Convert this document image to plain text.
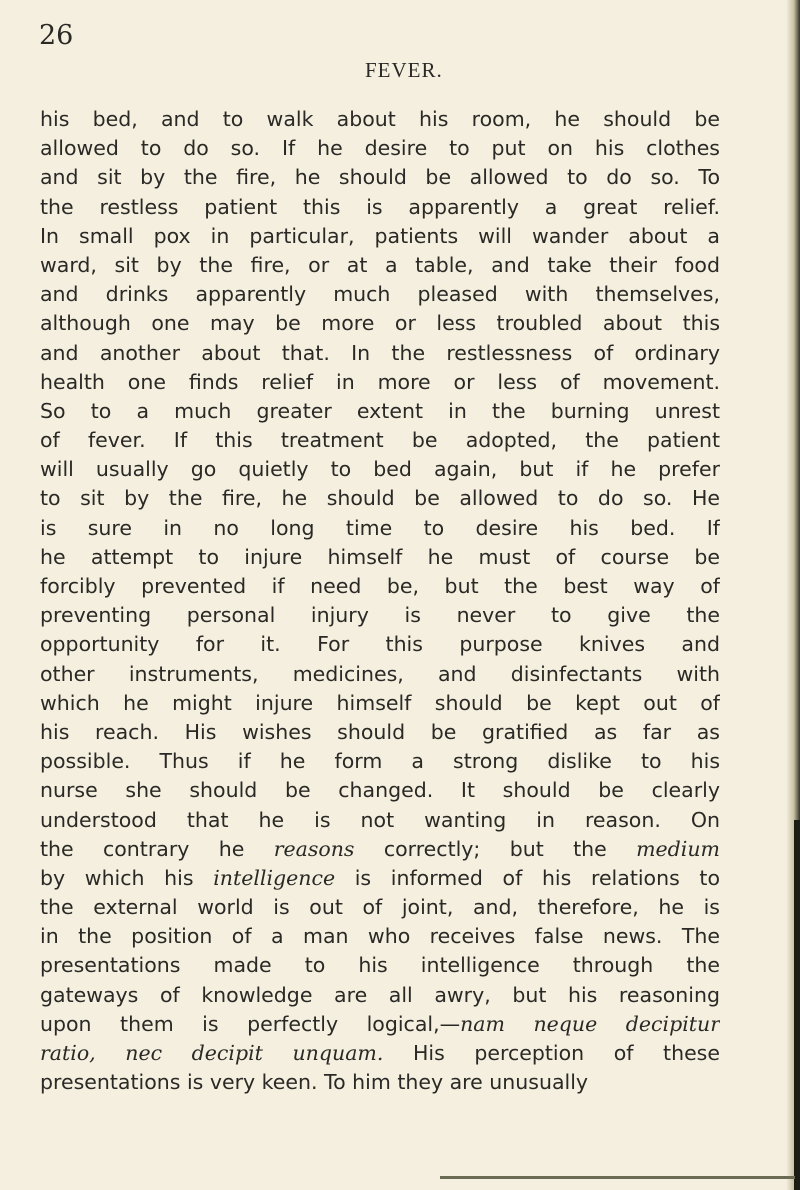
26
FEVER.
his bed, and to walk about his room, he should be
allowed to do so. If he desire to put on his clothes
and sit by the fire, he should be allowed to do so. To
the restless patient this is apparently a great relief.
In small pox in particular, patients will wander about a
ward, sit by the fire, or at a table, and take their food
and drinks apparently much pleased with themselves,
although one may be more or less troubled about this
and another about that. In the restlessness of ordinary
health one finds relief in more or less of movement.
So to a much greater extent in the burning unrest
of fever. If this treatment be adopted, the patient
will usually go quietly to bed again, but if he prefer
to sit by the fire, he should be allowed to do so. He
is sure in no long time to desire his bed. If
he attempt to injure himself he must of course be
forcibly prevented if need be, but the best way of
preventing personal injury is never to give the
opportunity for it. For this purpose knives and
other instruments, medicines, and disinfectants with
which he might injure himself should be kept out of
his reach. His wishes should be gratified as far as
possible. Thus if he form a strong dislike to his
nurse she should be changed. It should be clearly
understood that he is not wanting in reason. On
the contrary he reasons correctly; but the medium
by which his intelligence is informed of his relations to
the external world is out of joint, and, therefore, he is
in the position of a man who receives false news. The
presentations made to his intelligence through the
gateways of knowledge are all awry, but his reasoning
upon them is perfectly logical,—nam neque decipitur
ratio, nec decipit unquam. His perception of these
presentations is very keen. To him they are unusually
